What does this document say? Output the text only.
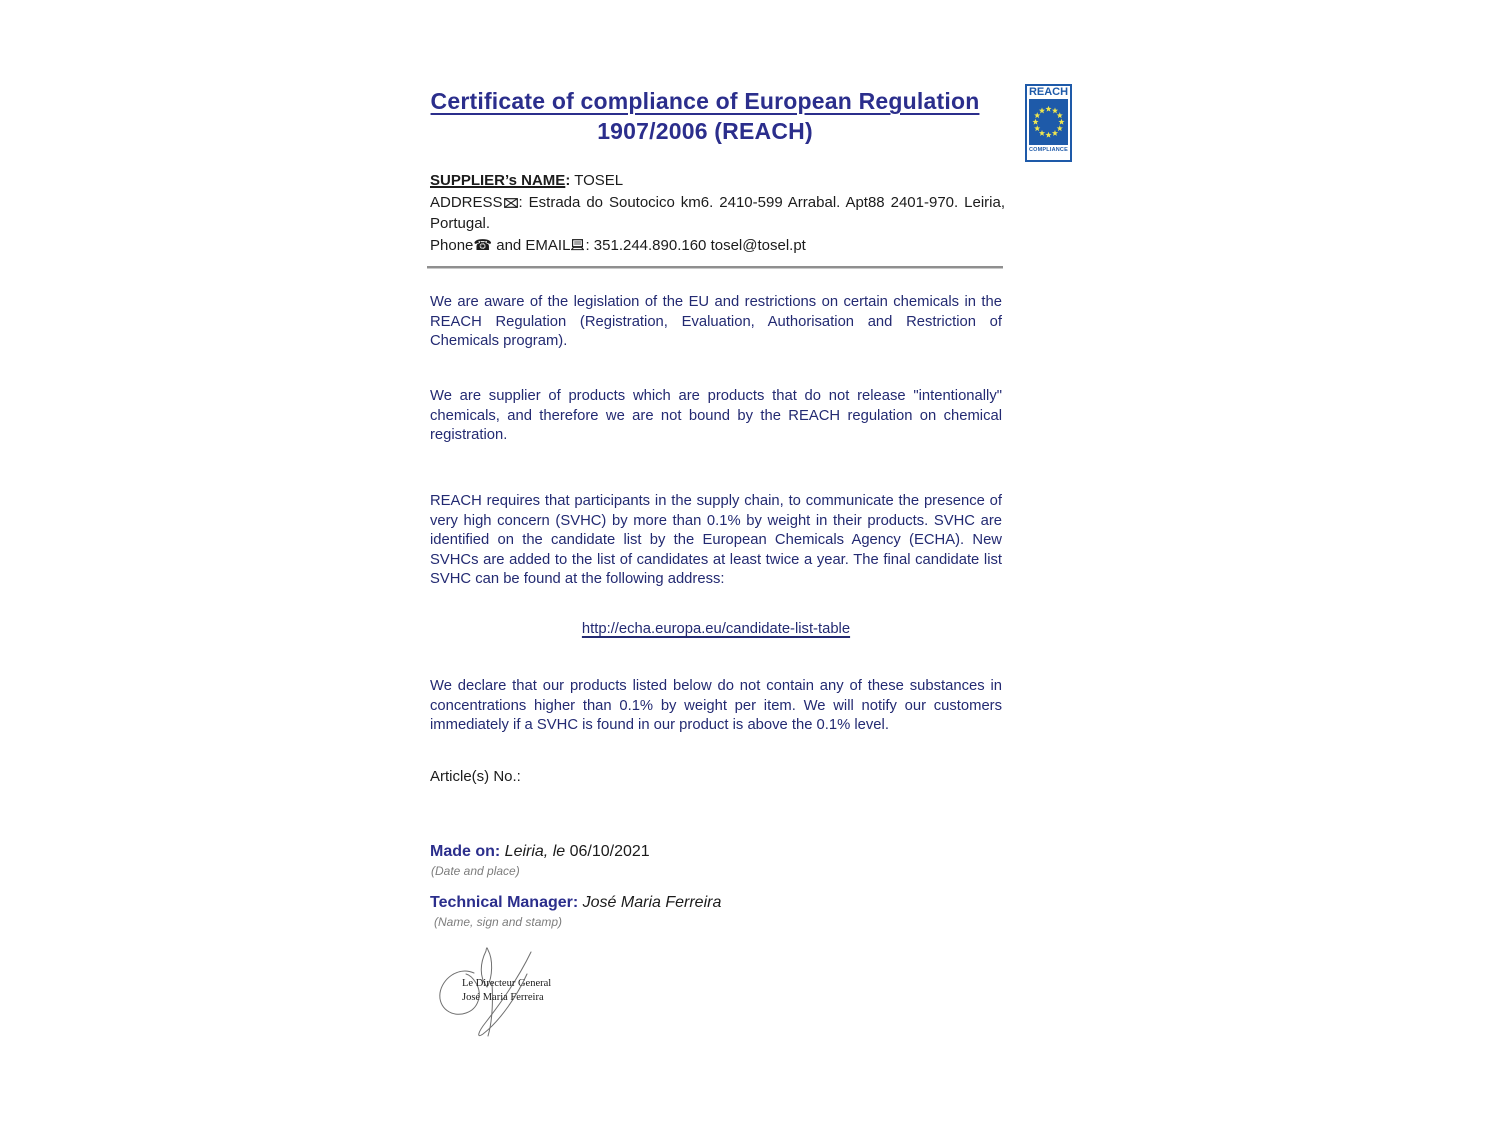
Certificate of compliance of European Regulation
1907/2006 (REACH)
REACH
COMPLIANCE
SUPPLIER’s NAME: TOSEL
ADDRESS : Estrada do Soutocico km6. 2410-599 Arrabal. Apt88 2401-970. Leiria, Portugal.
Phone☎ and EMAIL : 351.244.890.160 tosel@tosel.pt
We are aware of the legislation of the EU and restrictions on certain chemicals in the REACH Regulation (Registration, Evaluation, Authorisation and Restriction of Chemicals program).
We are supplier of products which are products that do not release "intentionally" chemicals, and therefore we are not bound by the REACH regulation on chemical registration.
REACH requires that participants in the supply chain, to communicate the presence of very high concern (SVHC) by more than 0.1% by weight in their products. SVHC are identified on the candidate list by the European Chemicals Agency (ECHA). New SVHCs are added to the list of candidates at least twice a year. The final candidate list SVHC can be found at the following address:
http://echa.europa.eu/candidate-list-table
We declare that our products listed below do not contain any of these substances in concentrations higher than 0.1% by weight per item. We will notify our customers immediately if a SVHC is found in our product is above the 0.1% level.
Article(s) No.:
Made on: Leiria, le 06/10/2021
(Date and place)
Technical Manager: José Maria Ferreira
(Name, sign and stamp)
Le Directeur General
José Maria Ferreira
